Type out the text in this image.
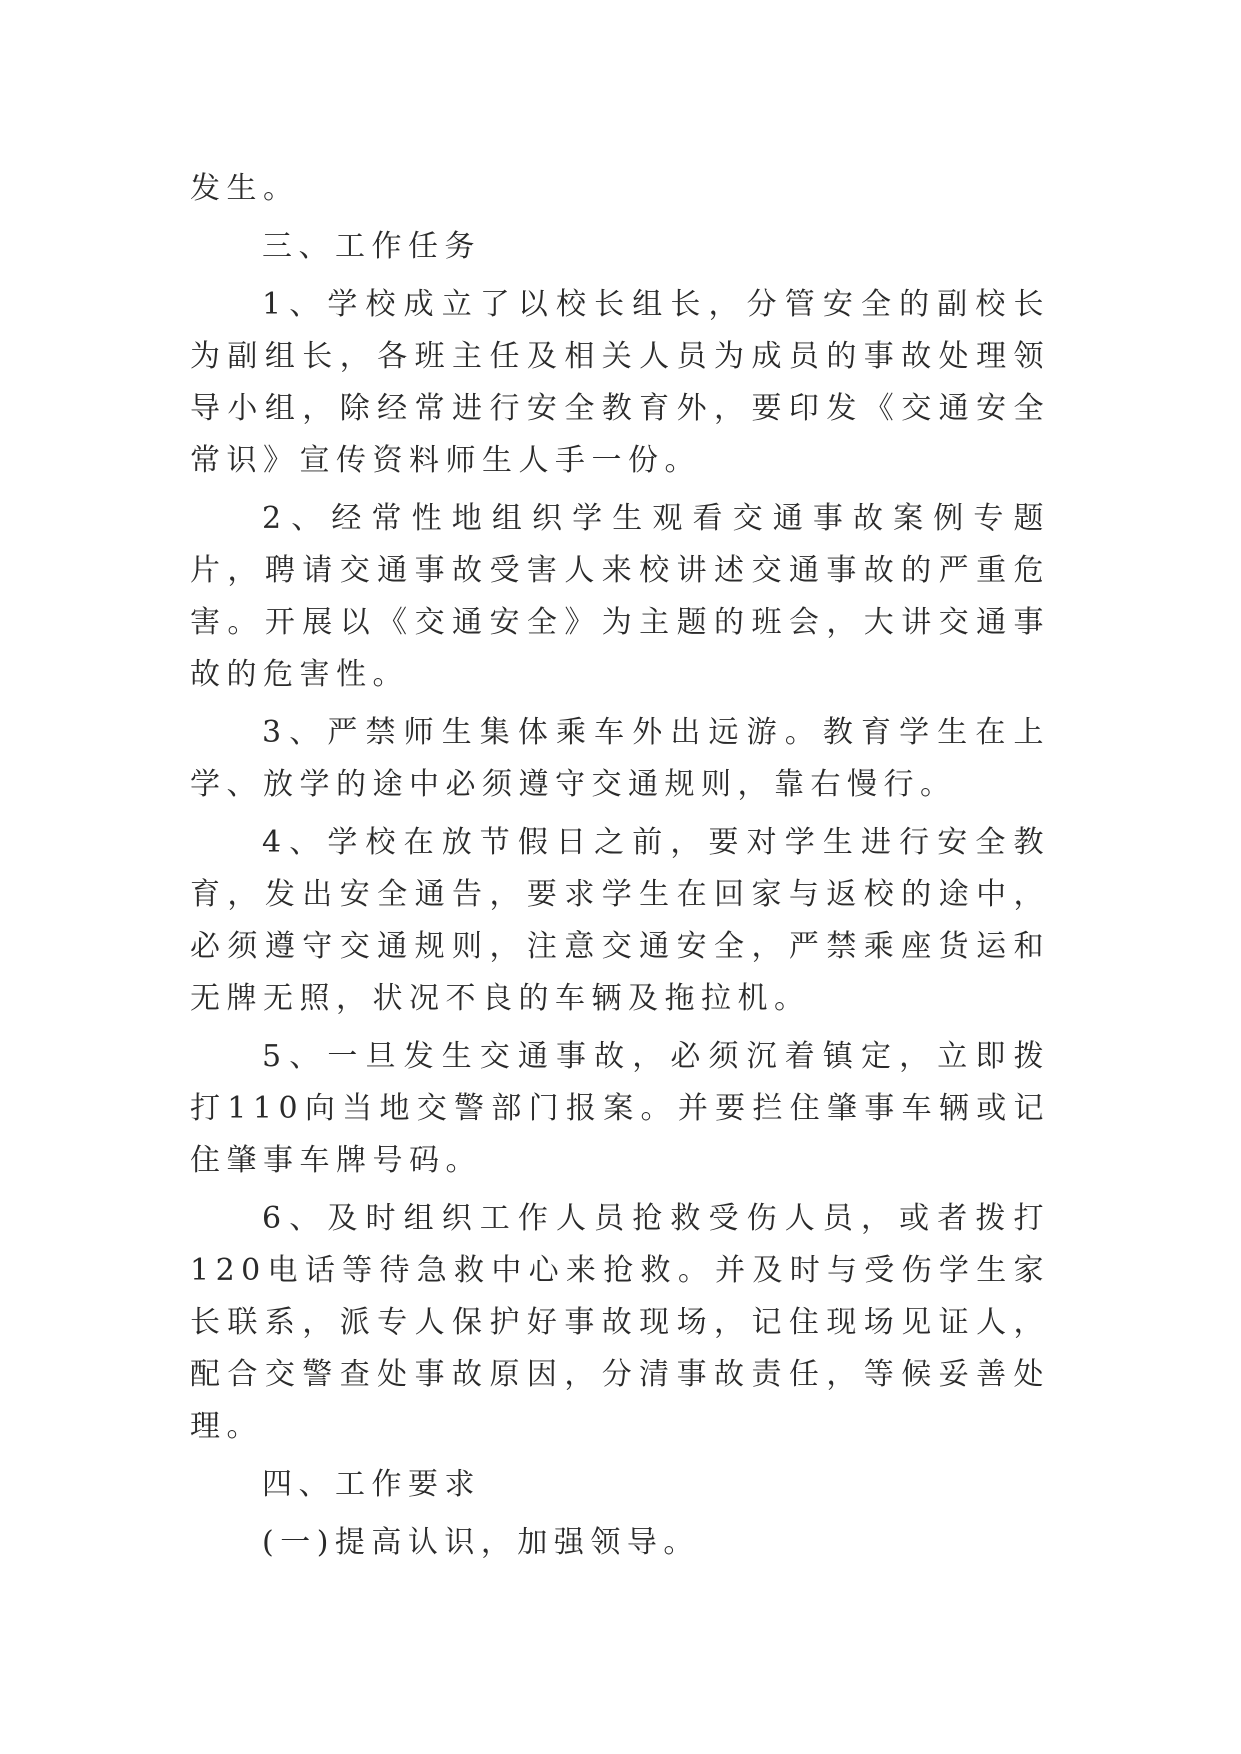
发生。

三、工作任务

1、学校成立了以校长组长，分管安全的副校长为副组长，各班主任及相关人员为成员的事故处理领导小组，除经常进行安全教育外，要印发《交通安全常识》宣传资料师生人手一份。

2、经常性地组织学生观看交通事故案例专题片，聘请交通事故受害人来校讲述交通事故的严重危害。开展以《交通安全》为主题的班会，大讲交通事故的危害性。

3、严禁师生集体乘车外出远游。教育学生在上学、放学的途中必须遵守交通规则，靠右慢行。

4、学校在放节假日之前，要对学生进行安全教育，发出安全通告，要求学生在回家与返校的途中，必须遵守交通规则，注意交通安全，严禁乘座货运和无牌无照，状况不良的车辆及拖拉机。

5、一旦发生交通事故，必须沉着镇定，立即拨打110向当地交警部门报案。并要拦住肇事车辆或记住肇事车牌号码。

6、及时组织工作人员抢救受伤人员，或者拨打120电话等待急救中心来抢救。并及时与受伤学生家长联系，派专人保护好事故现场，记住现场见证人，配合交警查处事故原因，分清事故责任，等候妥善处理。

四、工作要求

(一)提高认识，加强领导。
